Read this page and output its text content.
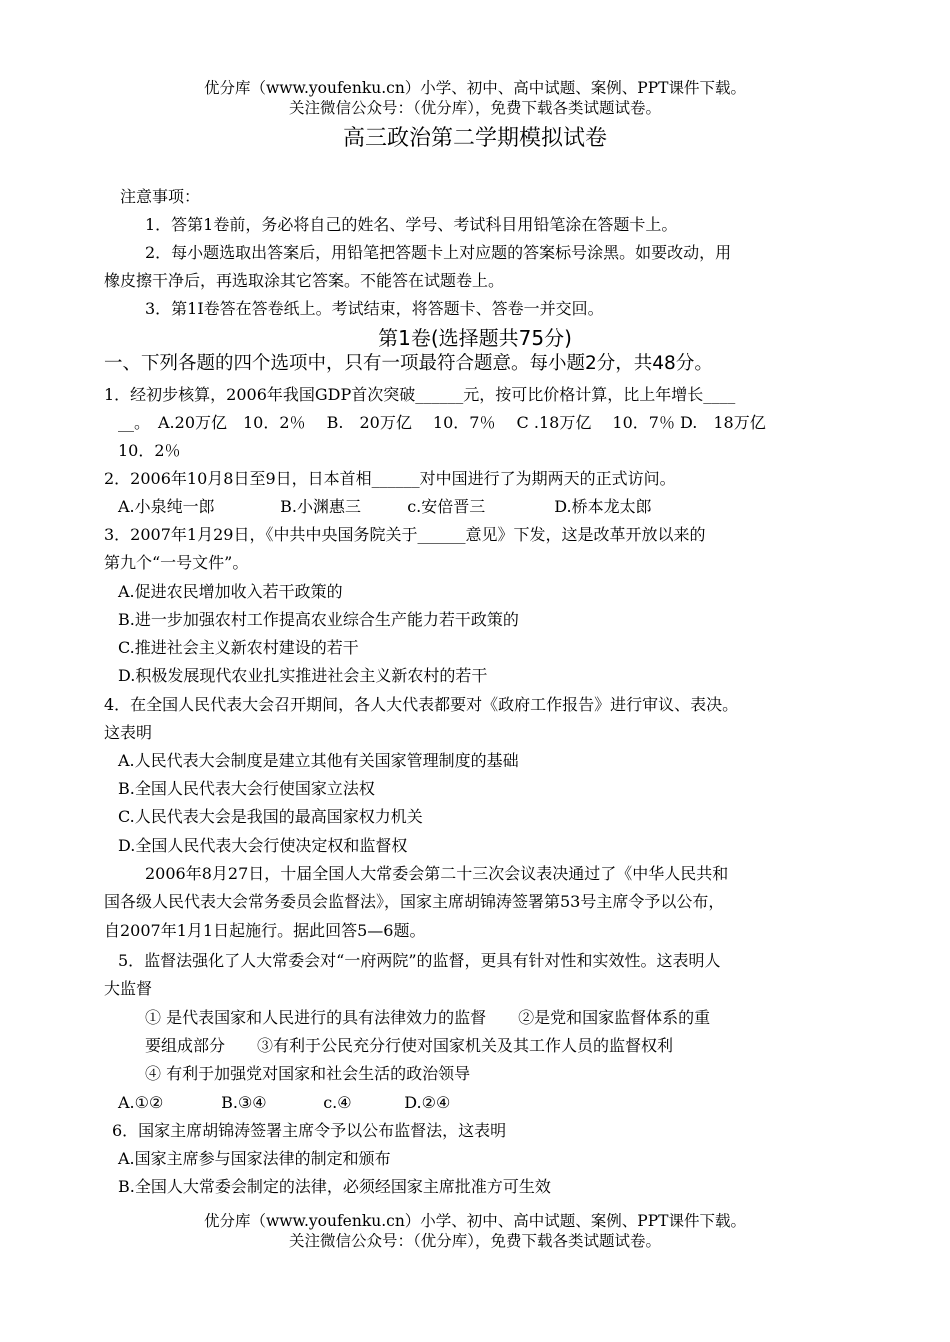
优分库（www.youfenku.cn）小学、初中、高中试题、案例、PPT课件下载。
关注微信公众号：（优分库），免费下载各类试题试卷。
高三政治第二学期模拟试卷
注意事项：
1．答第1卷前，务必将自己的姓名、学号、考试科目用铅笔涂在答题卡上。
2．每小题选取出答案后，用铅笔把答题卡上对应题的答案标号涂黑。如要改动，用
橡皮擦干净后，再选取涂其它答案。不能答在试题卷上。
3．第1I卷答在答卷纸上。考试结束，将答题卡、答卷一并交回。
第1卷(选择题共75分)
一、下列各题的四个选项中，只有一项最符合题意。每小题2分，共48分。
1．经初步核算，2006年我国GDP首次突破______元，按可比价格计算，比上年增长____
__。　A.20万亿　10．2％　 B.　20万亿　 10．7％　 C .18万亿　 10．7％ D.　18万亿
10．2％
2．2006年10月8日至9日，日本首相______对中国进行了为期两天的正式访问。
A.小泉纯一郎	B.小渊惠三	c.安倍晋三	D.桥本龙太郎
3．2007年1月29日，《中共中央国务院关于______意见》下发，这是改革开放以来的
第九个“一号文件”。
A.促进农民增加收入若干政策的
B.进一步加强农村工作提高农业综合生产能力若干政策的
C.推进社会主义新农村建设的若干
D.积极发展现代农业扎实推进社会主义新农村的若干
4．在全国人民代表大会召开期间，各人大代表都要对《政府工作报告》进行审议、表决。
这表明
A.人民代表大会制度是建立其他有关国家管理制度的基础
B.全国人民代表大会行使国家立法权
C.人民代表大会是我国的最高国家权力机关
D.全国人民代表大会行使决定权和监督权
2006年8月27日，十届全国人大常委会第二十三次会议表决通过了《中华人民共和
国各级人民代表大会常务委员会监督法》，国家主席胡锦涛签署第53号主席令予以公布，
自2007年1月1日起施行。据此回答5—6题。
5．监督法强化了人大常委会对“一府两院”的监督，更具有针对性和实效性。这表明人
大监督
① 是代表国家和人民进行的具有法律效力的监督　　②是党和国家监督体系的重
要组成部分　　③有利于公民充分行使对国家机关及其工作人员的监督权利
④ 有利于加强党对国家和社会生活的政治领导
A.①②	B.③④	c.④	D.②④
6．国家主席胡锦涛签署主席令予以公布监督法，这表明
A.国家主席参与国家法律的制定和颁布
B.全国人大常委会制定的法律，必须经国家主席批准方可生效
优分库（www.youfenku.cn）小学、初中、高中试题、案例、PPT课件下载。
关注微信公众号：（优分库），免费下载各类试题试卷。
